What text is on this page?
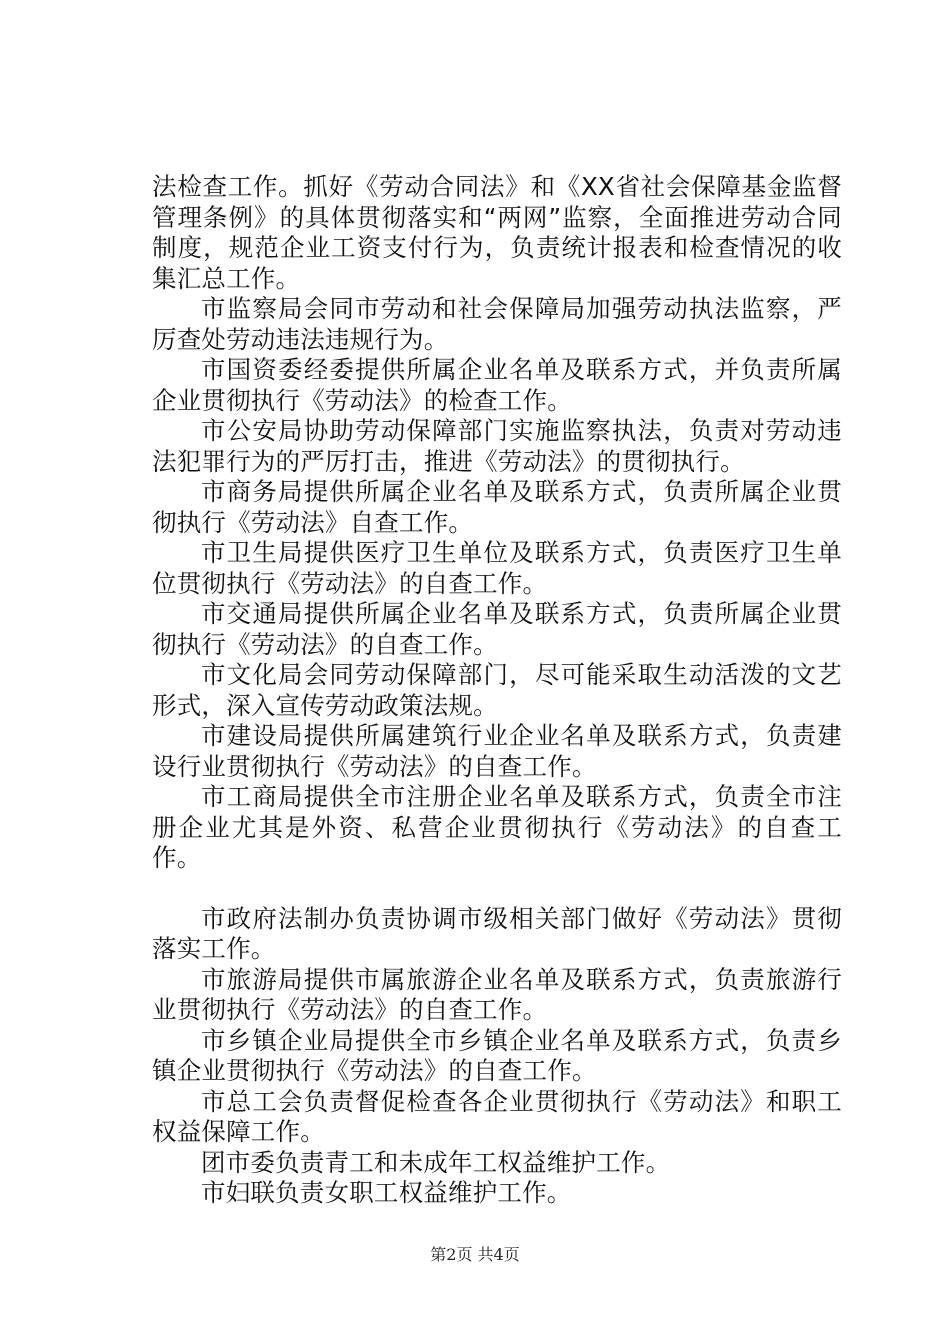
法检查工作。抓好《劳动合同法》和《XX省社会保障基金监督管理条例》的具体贯彻落实和“两网”监察，全面推进劳动合同制度，规范企业工资支付行为，负责统计报表和检查情况的收集汇总工作。

市监察局会同市劳动和社会保障局加强劳动执法监察，严厉查处劳动违法违规行为。

市国资委经委提供所属企业名单及联系方式，并负责所属企业贯彻执行《劳动法》的检查工作。

市公安局协助劳动保障部门实施监察执法，负责对劳动违法犯罪行为的严厉打击，推进《劳动法》的贯彻执行。

市商务局提供所属企业名单及联系方式，负责所属企业贯彻执行《劳动法》自查工作。

市卫生局提供医疗卫生单位及联系方式，负责医疗卫生单位贯彻执行《劳动法》的自查工作。

市交通局提供所属企业名单及联系方式，负责所属企业贯彻执行《劳动法》的自查工作。

市文化局会同劳动保障部门，尽可能采取生动活泼的文艺形式，深入宣传劳动政策法规。

市建设局提供所属建筑行业企业名单及联系方式，负责建设行业贯彻执行《劳动法》的自查工作。

市工商局提供全市注册企业名单及联系方式，负责全市注册企业尤其是外资、私营企业贯彻执行《劳动法》的自查工作。

市政府法制办负责协调市级相关部门做好《劳动法》贯彻落实工作。

市旅游局提供市属旅游企业名单及联系方式，负责旅游行业贯彻执行《劳动法》的自查工作。

市乡镇企业局提供全市乡镇企业名单及联系方式，负责乡镇企业贯彻执行《劳动法》的自查工作。

市总工会负责督促检查各企业贯彻执行《劳动法》和职工权益保障工作。

团市委负责青工和未成年工权益维护工作。

市妇联负责女职工权益维护工作。

第2页 共4页
